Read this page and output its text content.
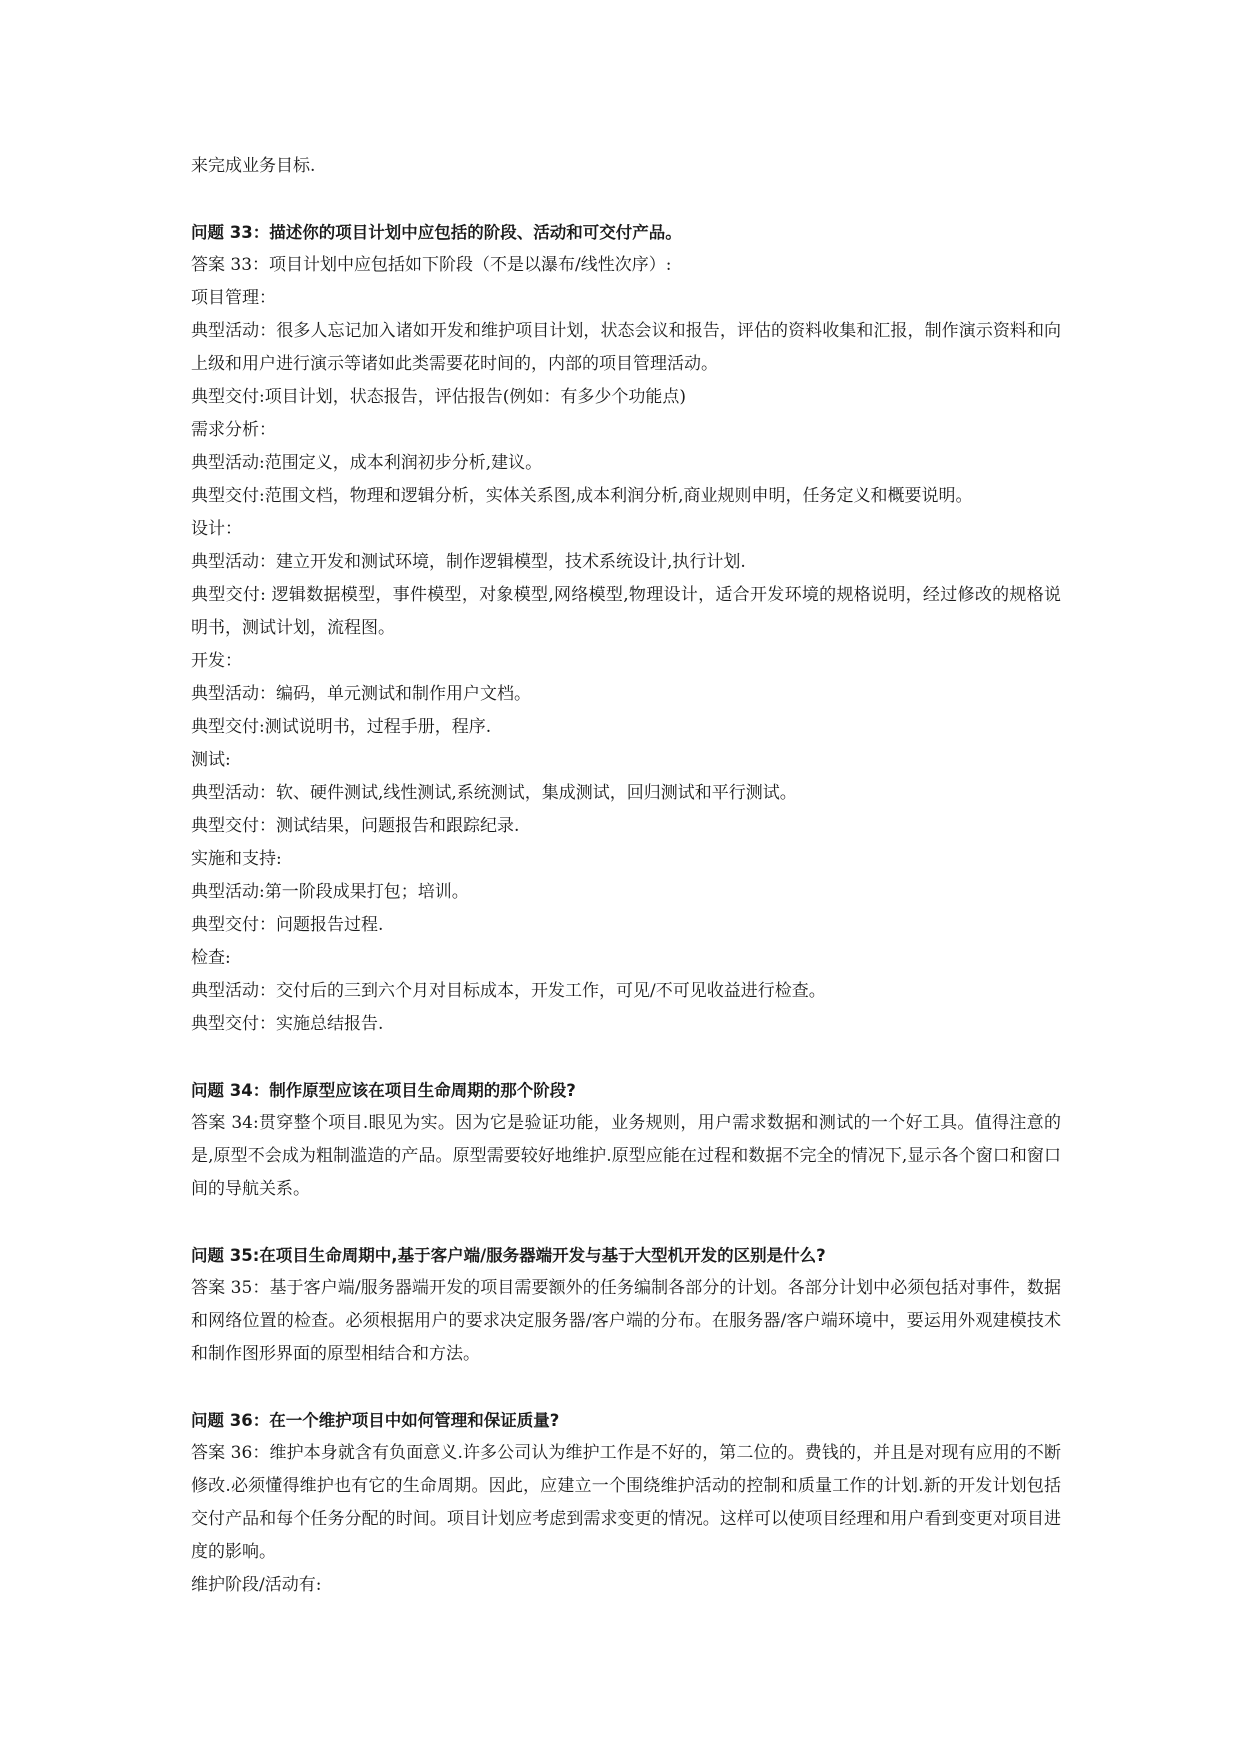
来完成业务目标.

问题 33：描述你的项目计划中应包括的阶段、活动和可交付产品。

答案 33：项目计划中应包括如下阶段（不是以瀑布/线性次序）:

项目管理：

典型活动：很多人忘记加入诸如开发和维护项目计划，状态会议和报告，评估的资料收集和汇报，制作演示资料和向上级和用户进行演示等诸如此类需要花时间的，内部的项目管理活动。

典型交付:项目计划，状态报告，评估报告(例如：有多少个功能点)

需求分析：

典型活动:范围定义，成本利润初步分析,建议。

典型交付:范围文档，物理和逻辑分析，实体关系图,成本利润分析,商业规则申明，任务定义和概要说明。

设计：

典型活动：建立开发和测试环境，制作逻辑模型，技术系统设计,执行计划.

典型交付: 逻辑数据模型，事件模型，对象模型,网络模型,物理设计，适合开发环境的规格说明，经过修改的规格说明书，测试计划，流程图。

开发：

典型活动：编码，单元测试和制作用户文档。

典型交付:测试说明书，过程手册，程序.

测试:

典型活动：软、硬件测试,线性测试,系统测试，集成测试，回归测试和平行测试。

典型交付：测试结果，问题报告和跟踪纪录.

实施和支持:

典型活动:第一阶段成果打包；培训。

典型交付：问题报告过程.

检查:

典型活动：交付后的三到六个月对目标成本，开发工作，可见/不可见收益进行检查。

典型交付：实施总结报告.

问题 34：制作原型应该在项目生命周期的那个阶段?

答案 34:贯穿整个项目.眼见为实。因为它是验证功能，业务规则，用户需求数据和测试的一个好工具。值得注意的是,原型不会成为粗制滥造的产品。原型需要较好地维护.原型应能在过程和数据不完全的情况下,显示各个窗口和窗口间的导航关系。

问题 35:在项目生命周期中,基于客户端/服务器端开发与基于大型机开发的区别是什么?

答案 35：基于客户端/服务器端开发的项目需要额外的任务编制各部分的计划。各部分计划中必须包括对事件，数据和网络位置的检查。必须根据用户的要求决定服务器/客户端的分布。在服务器/客户端环境中，要运用外观建模技术和制作图形界面的原型相结合和方法。

问题 36：在一个维护项目中如何管理和保证质量?

答案 36：维护本身就含有负面意义.许多公司认为维护工作是不好的，第二位的。费钱的，并且是对现有应用的不断修改.必须懂得维护也有它的生命周期。因此，应建立一个围绕维护活动的控制和质量工作的计划.新的开发计划包括交付产品和每个任务分配的时间。项目计划应考虑到需求变更的情况。这样可以使项目经理和用户看到变更对项目进度的影响。

维护阶段/活动有:
